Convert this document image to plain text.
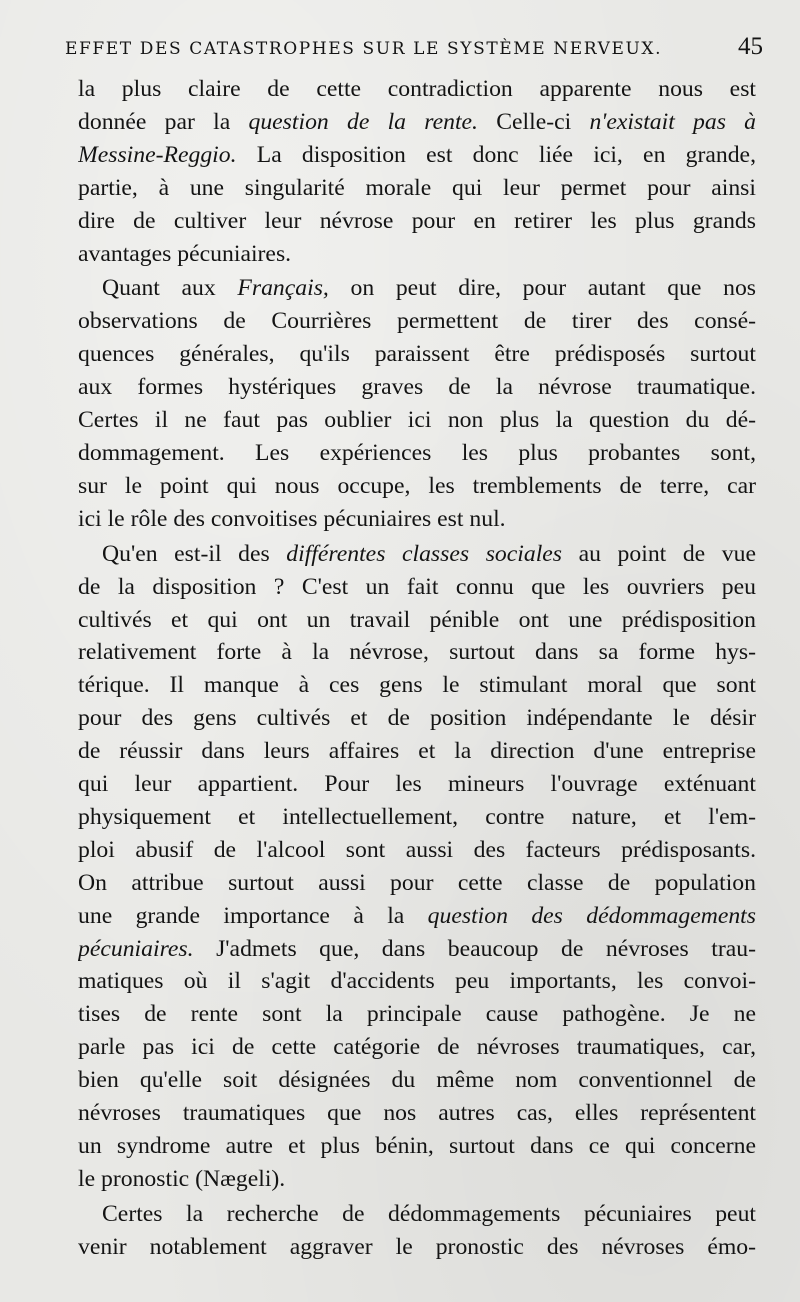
EFFET DES CATASTROPHES SUR LE SYSTÈME NERVEUX.	45
la plus claire de cette contradiction apparente nous est
donnée par la question de la rente. Celle-ci n'existait pas à
Messine-Reggio. La disposition est donc liée ici, en grande,
partie, à une singularité morale qui leur permet pour ainsi
dire de cultiver leur névrose pour en retirer les plus grands
avantages pécuniaires.
Quant aux Français, on peut dire, pour autant que nos
observations de Courrières permettent de tirer des consé-
quences générales, qu'ils paraissent être prédisposés surtout
aux formes hystériques graves de la névrose traumatique.
Certes il ne faut pas oublier ici non plus la question du dé-
dommagement. Les expériences les plus probantes sont,
sur le point qui nous occupe, les tremblements de terre, car
ici le rôle des convoitises pécuniaires est nul.
Qu'en est-il des différentes classes sociales au point de vue
de la disposition ? C'est un fait connu que les ouvriers peu
cultivés et qui ont un travail pénible ont une prédisposition
relativement forte à la névrose, surtout dans sa forme hys-
térique. Il manque à ces gens le stimulant moral que sont
pour des gens cultivés et de position indépendante le désir
de réussir dans leurs affaires et la direction d'une entreprise
qui leur appartient. Pour les mineurs l'ouvrage exténuant
physiquement et intellectuellement, contre nature, et l'em-
ploi abusif de l'alcool sont aussi des facteurs prédisposants.
On attribue surtout aussi pour cette classe de population
une grande importance à la question des dédommagements
pécuniaires. J'admets que, dans beaucoup de névroses trau-
matiques où il s'agit d'accidents peu importants, les convoi-
tises de rente sont la principale cause pathogène. Je ne
parle pas ici de cette catégorie de névroses traumatiques, car,
bien qu'elle soit désignées du même nom conventionnel de
névroses traumatiques que nos autres cas, elles représentent
un syndrome autre et plus bénin, surtout dans ce qui concerne
le pronostic (Nægeli).
Certes la recherche de dédommagements pécuniaires peut
venir notablement aggraver le pronostic des névroses émo-
